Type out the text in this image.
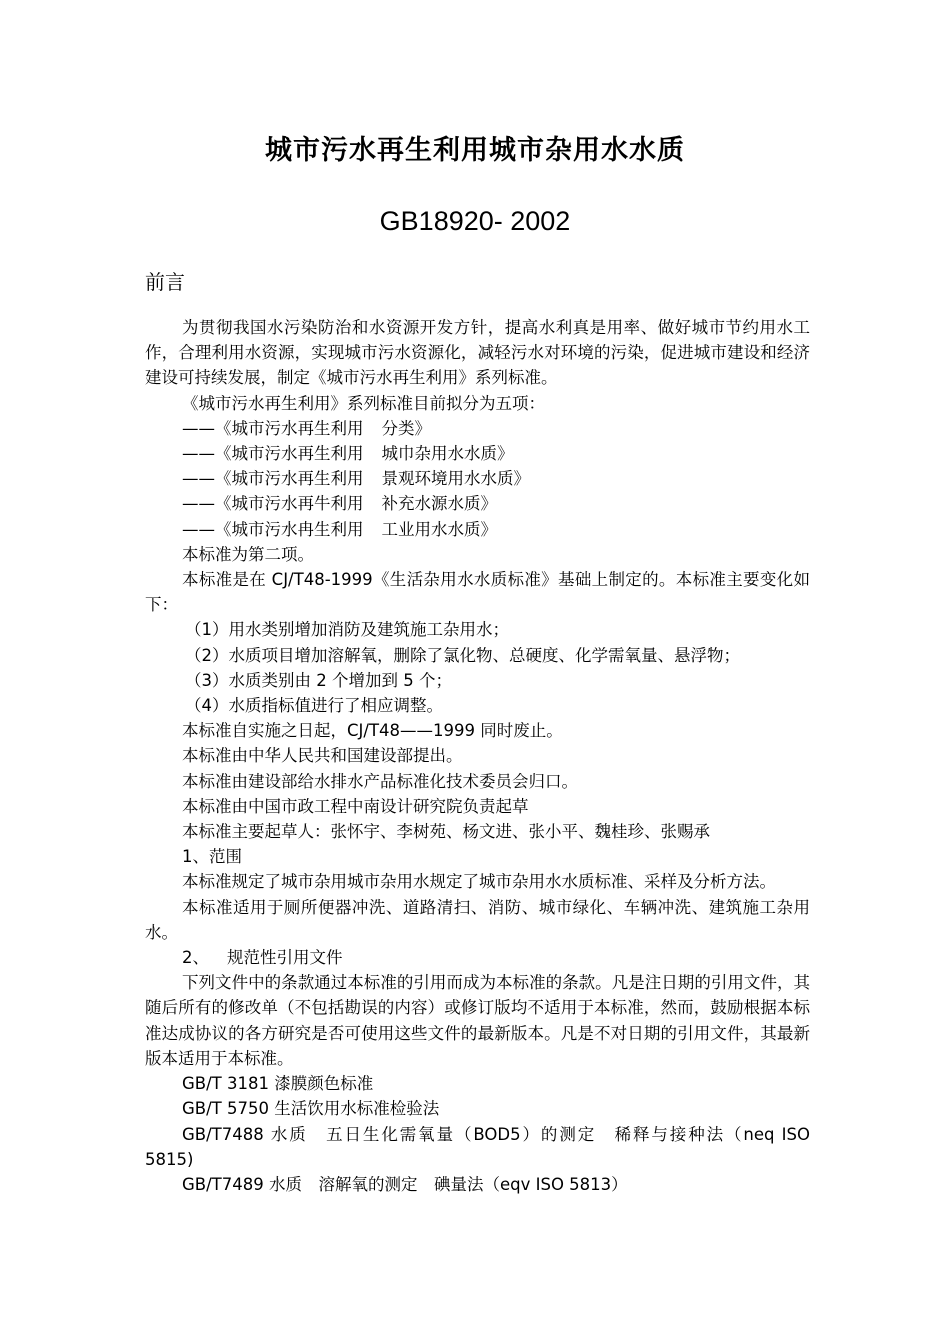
城市污水再生利用城市杂用水水质
GB18920- 2002
前言

为贯彻我国水污染防治和水资源开发方针，提高水利真是用率、做好城市节约用水工作，合理利用水资源，实现城市污水资源化，减轻污水对环境的污染，促进城市建设和经济建设可持续发展，制定《城市污水再生利用》系列标准。

《城市污水再生利用》系列标准目前拟分为五项：

——《城市污水再生利用 分类》

——《城市污水再生利用 城巾杂用水水质》

——《城市污水再生利用 景观环境用水水质》

——《城市污水再牛利用 补充水源水质》

——《城市污水冉生利用 工业用水水质》

本标准为第二项。

本标准是在 CJ/T48-1999《生活杂用水水质标准》基础上制定的。本标准主要变化如下：

（1）用水类别增加消防及建筑施工杂用水；

（2）水质项目增加溶解氧，删除了氯化物、总硬度、化学需氧量、悬浮物；

（3）水质类别由 2 个增加到 5 个；

（4）水质指标值进行了相应调整。

本标准自实施之日起，CJ/T48——1999 同时废止。

本标准由中华人民共和国建设部提出。

本标准由建设部给水排水产品标准化技术委员会归口。

本标准由中国市政工程中南设计研究院负责起草

本标准主要起草人：张怀宇、李树苑、杨文进、张小平、魏桂珍、张赐承

1、范围

本标准规定了城市杂用城市杂用水规定了城市杂用水水质标准、采样及分析方法。

本标准适用于厕所便器冲洗、道路清扫、消防、城市绿化、车辆冲洗、建筑施工杂用水。

2、 规范性引用文件

下列文件中的条款通过本标准的引用而成为本标准的条款。凡是注日期的引用文件，其随后所有的修改单（不包括勘误的内容）或修订版均不适用于本标准，然而，鼓励根据本标准达成协议的各方研究是否可使用这些文件的最新版本。凡是不对日期的引用文件，其最新版本适用于本标准。

GB/T 3181 漆膜颜色标准

GB/T 5750 生活饮用水标准检验法

GB/T7488 水质　五日生化需氧量（BOD5）的测定　稀释与接种法（neq ISO 5815)

GB/T7489 水质　溶解氧的测定　碘量法（eqv ISO 5813）
